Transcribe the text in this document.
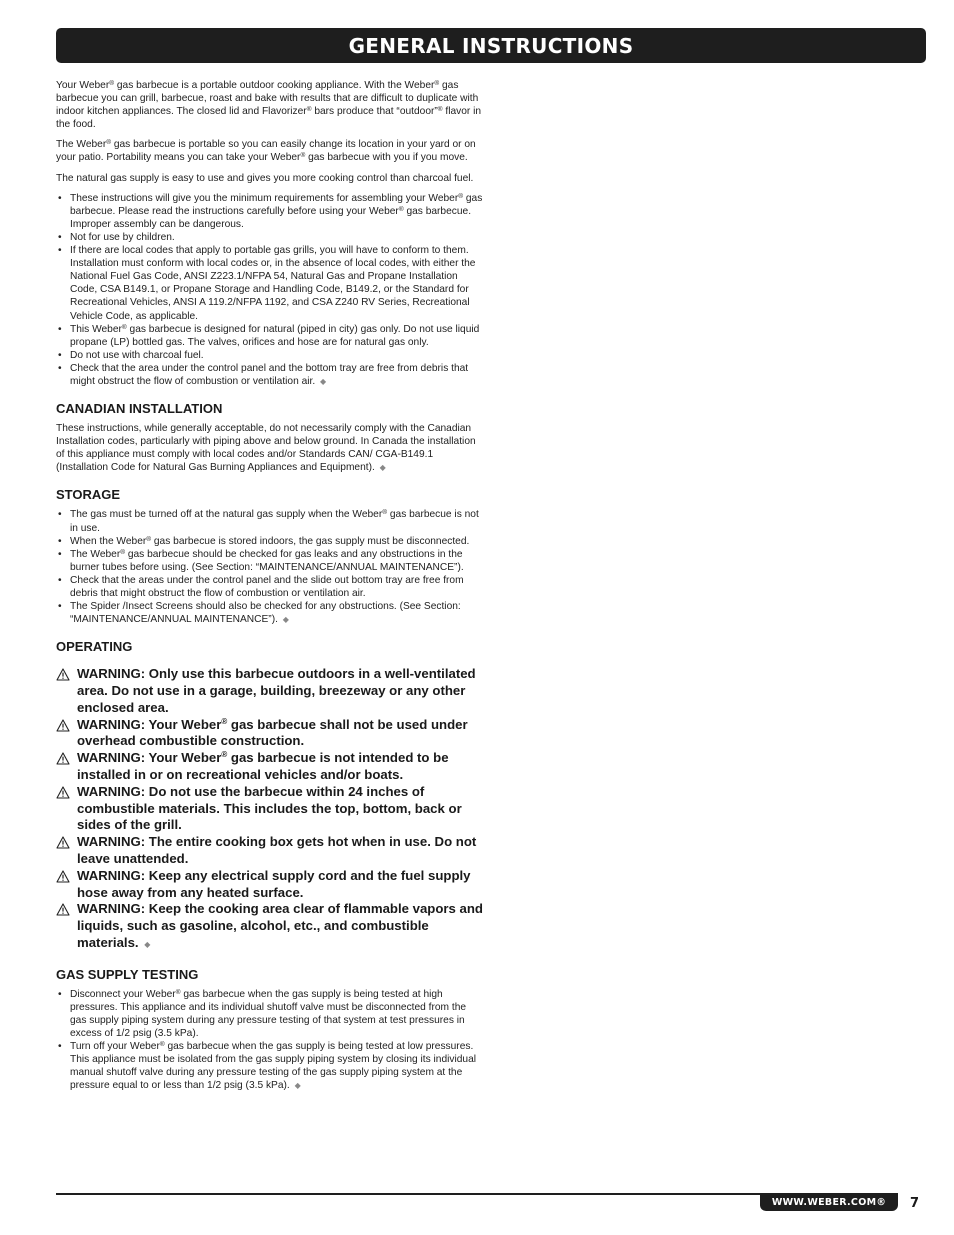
GENERAL INSTRUCTIONS

Your Weber® gas barbecue is a portable outdoor cooking appliance. With the Weber® gas barbecue you can grill, barbecue, roast and bake with results that are difficult to duplicate with indoor kitchen appliances. The closed lid and Flavorizer® bars produce that “outdoor”® flavor in the food.

The Weber® gas barbecue is portable so you can easily change its location in your yard or on your patio. Portability means you can take your Weber® gas barbecue with you if you move.

The natural gas supply is easy to use and gives you more cooking control than charcoal fuel.

• These instructions will give you the minimum requirements for assembling your Weber® gas barbecue. Please read the instructions carefully before using your Weber® gas barbecue. Improper assembly can be dangerous.
• Not for use by children.
• If there are local codes that apply to portable gas grills, you will have to conform to them. Installation must conform with local codes or, in the absence of local codes, with either the National Fuel Gas Code, ANSI Z223.1/NFPA 54, Natural Gas and Propane Installation Code, CSA B149.1, or Propane Storage and Handling Code, B149.2, or the Standard for Recreational Vehicles, ANSI A 119.2/NFPA 1192, and CSA Z240 RV Series, Recreational Vehicle Code, as applicable.
• This Weber® gas barbecue is designed for natural (piped in city) gas only. Do not use liquid propane (LP) bottled gas. The valves, orifices and hose are for natural gas only.
• Do not use with charcoal fuel.
• Check that the area under the control panel and the bottom tray are free from debris that might obstruct the flow of combustion or ventilation air. ◆
CANADIAN INSTALLATION

These instructions, while generally acceptable, do not necessarily comply with the Canadian Installation codes, particularly with piping above and below ground. In Canada the installation of this appliance must comply with local codes and/or Standards CAN/ CGA-B149.1 (Installation Code for Natural Gas Burning Appliances and Equipment). ◆

STORAGE
• The gas must be turned off at the natural gas supply when the Weber® gas barbecue is not in use.
• When the Weber® gas barbecue is stored indoors, the gas supply must be disconnected.
• The Weber® gas barbecue should be checked for gas leaks and any obstructions in the burner tubes before using. (See Section: “MAINTENANCE/ANNUAL MAINTENANCE”).
• Check that the areas under the control panel and the slide out bottom tray are free from debris that might obstruct the flow of combustion or ventilation air.
• The Spider /Insect Screens should also be checked for any obstructions. (See Section: “MAINTENANCE/ANNUAL MAINTENANCE”). ◆
OPERATING
WARNING: Only use this barbecue outdoors in a well-ventilated area. Do not use in a garage, building, breezeway or any other enclosed area.
WARNING: Your Weber® gas barbecue shall not be used under overhead combustible construction.
WARNING: Your Weber® gas barbecue is not intended to be installed in or on recreational vehicles and/or boats.
WARNING: Do not use the barbecue within 24 inches of combustible materials. This includes the top, bottom, back or sides of the grill.
WARNING: The entire cooking box gets hot when in use. Do not leave unattended.
WARNING: Keep any electrical supply cord and the fuel supply hose away from any heated surface.
WARNING: Keep the cooking area clear of flammable vapors and liquids, such as gasoline, alcohol, etc., and combustible materials. ◆
GAS SUPPLY TESTING
• Disconnect your Weber® gas barbecue when the gas supply is being tested at high pressures. This appliance and its individual shutoff valve must be disconnected from the gas supply piping system during any pressure testing of that system at test pressures in excess of 1/2 psig (3.5 kPa).
• Turn off your Weber® gas barbecue when the gas supply is being tested at low pressures. This appliance must be isolated from the gas supply piping system by closing its individual manual shutoff valve during any pressure testing of the gas supply piping system at the pressure equal to or less than 1/2 psig (3.5 kPa). ◆
WWW.WEBER.COM®	7
